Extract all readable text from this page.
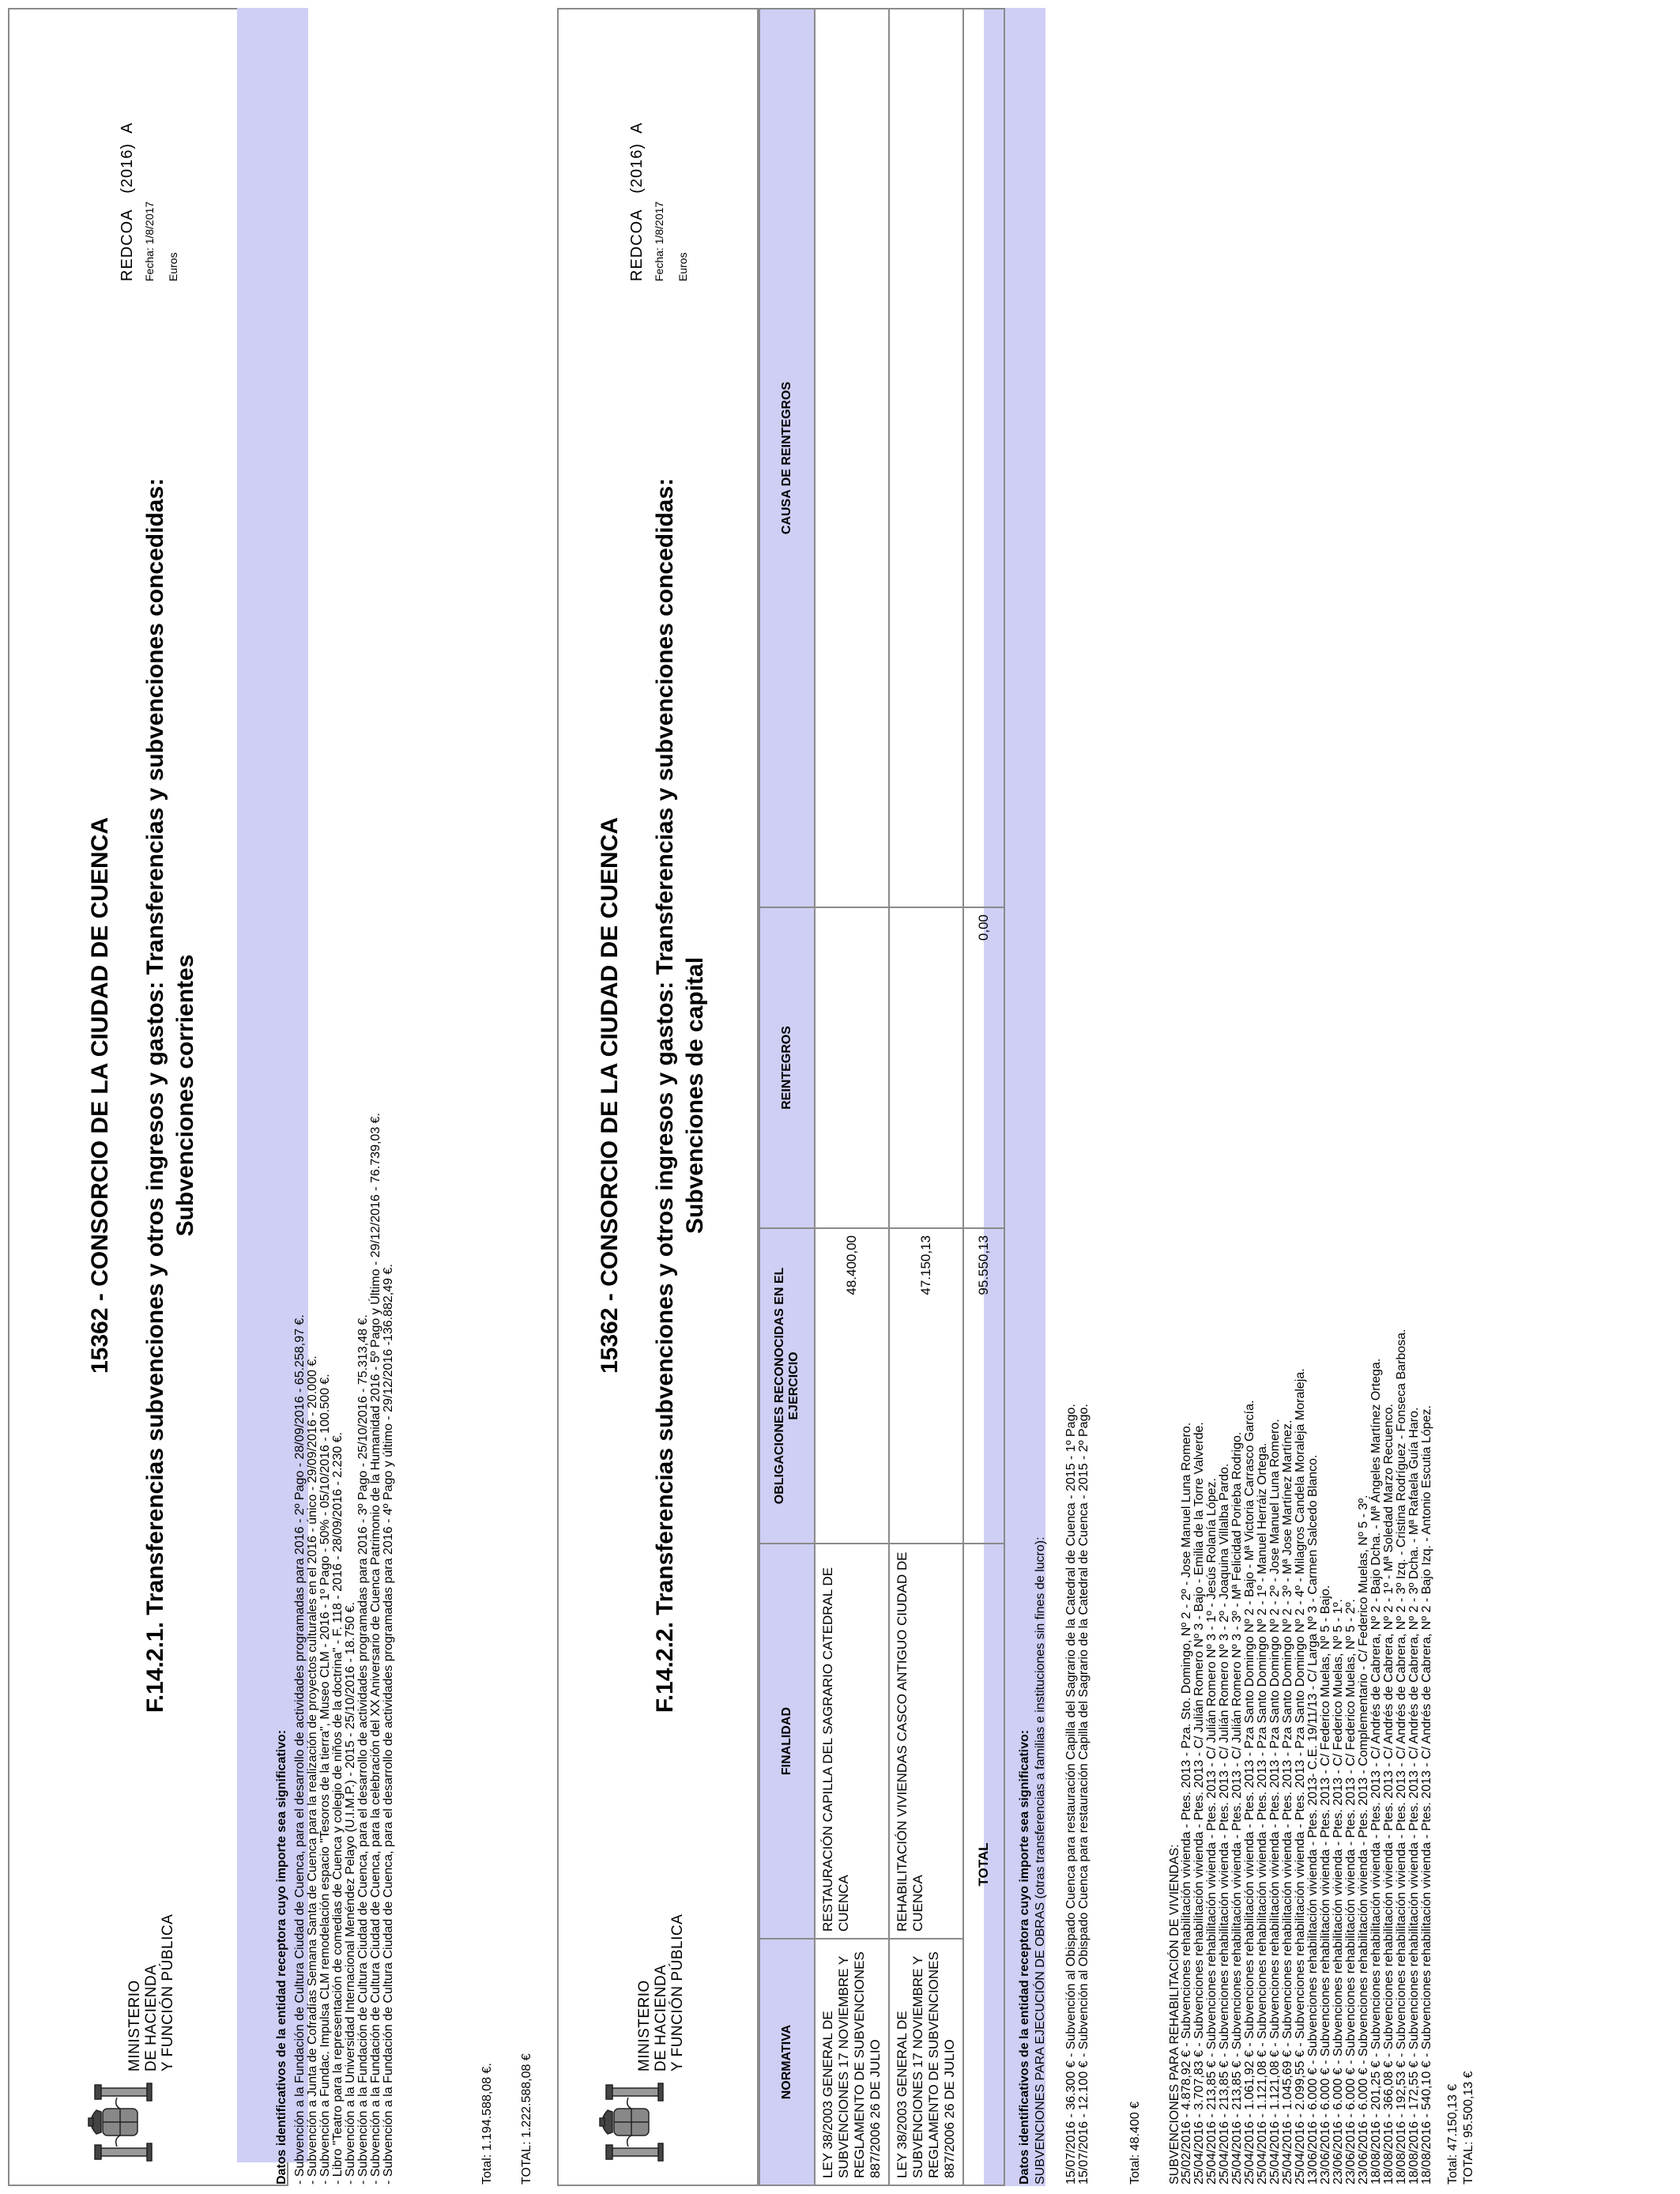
MINISTERIO DE HACIENDA Y FUNCIÓN PÚBLICA
15362 - CONSORCIO DE LA CIUDAD DE CUENCA F.14.2.1. Transferencias subvenciones y otros ingresos y gastos: Transferencias y subvenciones concedidas: Subvenciones corrientes
REDCOA   (2016)  A
Fecha: 1/8/2017 Euros
Datos identificativos de la entidad receptora cuyo importe sea significativo: - Subvención a la Fundación de Cultura Ciudad de Cuenca, para el desarrollo de actividades programadas para 2016 - 2º Pago - 28/09/2016 - 65.258,97 €. - Subvención a Junta de Cofradías Semana Santa de Cuenca para la realización de proyectos culturales en el 2016 - único - 29/09/2016 - 20.000 €. - Subvención a Fundac. Impulsa CLM remodelación espacio "Tesoros de la tierra", Museo CLM - 2016 - 1º Pago - 50% - 05/10/2016 - 100.500 €. - Libro "Teatro para la representación de comedias de Cuenca y colegio de niños de la doctrina" - F. 118 - 2016 - 28/09/2016 - 2.230 €. - Subvención a la Universidad Internacional Menéndez Pelayo (U.I.M.P.) - 2015 - 25/10/2016 - 18.750 €. - Subvención a la Fundación de Cultura Ciudad de Cuenca, para el desarrollo de actividades programadas para 2016 - 3º Pago - 25/10/2016 - 75.313,48 €. - Subvención a la Fundación de Cultura Ciudad de Cuenca, para la celebración del XX Aniversario de Cuenca Patrimonio de la Humanidad 2016 - 5º Pago y Último - 29/12/2016 - 76.739,03 €. - Subvención a la Fundación de Cultura Ciudad de Cuenca, para el desarrollo de actividades programadas para 2016 - 4º Pago y último - 29/12/2016 -136.882,49 €.	Total: 1.194.588,08 €. TOTAL: 1.222.588,08 €
MINISTERIO DE HACIENDA Y FUNCIÓN PÚBLICA
15362 - CONSORCIO DE LA CIUDAD DE CUENCA F.14.2.2. Transferencias subvenciones y otros ingresos y gastos: Transferencias y subvenciones concedidas: Subvenciones de capital
REDCOA   (2016)  A
Fecha: 1/8/2017 Euros
NORMATIVA	FINALIDAD	OBLIGACIONES RECONOCIDAS EN EL EJERCICIO	REINTEGROS	CAUSA DE REINTEGROS
LEY 38/2003 GENERAL DE SUBVENCIONES 17 NOVIEMBRE Y REGLAMENTO DE SUBVENCIONES 887/2006 26 DE JULIO	RESTAURACIÓN CAPILLA DEL SAGRARIO CATEDRAL DE CUENCA	48.400,00		
LEY 38/2003 GENERAL DE SUBVENCIONES 17 NOVIEMBRE Y REGLAMENTO DE SUBVENCIONES 887/2006 26 DE JULIO	REHABILITACIÓN VIVIENDAS CASCO ANTIGUO CIUDAD DE CUENCA	47.150,13		
TOTAL		95.550,13	0,00	
Datos identificativos de la entidad receptora cuyo importe sea significativo: SUBVENCIONES PARA EJECUCIÓN DE OBRAS (otras transferencias a familias e instituciones sin fines de lucro): 15/07/2016 - 36.300 € - Subvención al Obispado Cuenca para restauración Capilla del Sagrario de la Catedral de Cuenca - 2015 - 1º Pago. 15/07/2016 - 12.100 € - Subvención al Obispado Cuenca para restauración Capilla del Sagrario de la Catedral de Cuenca - 2015 - 2º Pago.	Total: 48.400 € SUBVENCIONES PARA REHABILITACIÓN DE VIVIENDAS:
25/02/2016 - 4.878,92 € - Subvenciones rehabilitación vivienda - Ptes. 2013 - Pza. Sto. Domingo, Nº 2 - 2º - Jose Manuel Luna Romero. 25/04/2016 - 3.707,83 € - Subvenciones rehabilitación vivienda - Ptes. 2013 - C/ Julián Romero Nº 3 - Bajo - Emilia de la Torre Valverde. 25/04/2016 - 213,85 € - Subvenciones rehabilitación vivienda - Ptes. 2013 - C/ Julián Romero Nº 3 - 1º - Jesús Rolanía López. 25/04/2016 - 213,85 € - Subvenciones rehabilitación vivienda - Ptes. 2013 - C/ Julián Romero Nº 3 - 2º - Joaquina Villalba Pardo. 25/04/2016 - 213,85 € - Subvenciones rehabilitación vivienda - Ptes. 2013 - C/ Julián Romero Nº 3 - 3º - Mª Felicidad Porieba Rodrigo. 25/04/2016 - 1.061,92 € - Subvenciones rehabilitación vivienda - Ptes. 2013 - Pza Santo Domingo Nº 2 - Bajo - Mª Victoria Carrasco García. 25/04/2016 - 1.121,08 € - Subvenciones rehabilitación vivienda - Ptes. 2013 - Pza Santo Domingo Nº 2 - 1º - Manuel Herráiz Ortega. 25/04/2016 - 1.121,08 € - Subvenciones rehabilitación vivienda - Ptes. 2013 - Pza Santo Domingo Nº 2 - 2º - Jose Manuel Luna Romero. 25/04/2016 - 1.045,69 € - Subvenciones rehabilitación vivienda - Ptes. 2013 - Pza Santo Domingo Nº 2 - 3º - Mª Jose Martínez Martínez. 25/04/2016 - 2.099,55 € - Subvenciones rehabilitación vivienda - Ptes. 2013 - Pza Santo Domingo Nº 2 - 4º - Milagros Candela Moraleja Moraleja. 13/06/2016 - 6.000 € - Subvenciones rehabilitación vivienda - Ptes. 2013- C.E. 19/11/13 - C/ Larga Nº 3 - Carmen Salcedo Blanco. 23/06/2016 - 6.000 € - Subvenciones rehabilitación vivienda - Ptes. 2013 - C/ Federico Muelas, Nº 5 - Bajo. 23/06/2016 - 6.000 € - Subvenciones rehabilitación vivienda - Ptes. 2013 - C/ Federico Muelas, Nº 5 - 1º. 23/06/2016 - 6.000 € - Subvenciones rehabilitación vivienda - Ptes. 2013 - C/ Federico Muelas, Nº 5 - 2º. 23/06/2016 - 6.000 € - Subvenciones rehabilitación vivienda - Ptes. 2013 - Complementario - C/ Federico Muelas, Nº 5 - 3º. 18/08/2016 - 201,25 € - Subvenciones rehabilitación vivienda - Ptes. 2013 - C/ Andrés de Cabrera, Nº 2 - Bajo Dcha. - Mª Ángeles Martínez Ortega. 18/08/2016 - 366,08 € - Subvenciones rehabilitación vivienda - Ptes. 2013 - C/ Andrés de Cabrera, Nº 2 - 1º - Mª Soledad Marzo Recuenco. 18/08/2016 - 192,53 € - Subvenciones rehabilitación vivienda - Ptes. 2013 - C/ Andrés de Cabrera, Nº 2 - 3º Izq. - Cristina Rodríguez - Fonseca Barbosa. 18/08/2016 - 172,55 € - Subvenciones rehabilitación vivienda - Ptes. 2013 - C/ Andrés de Cabrera, Nº 2 - 3º Dcha. - Mª Rafaela Guía Haro. 18/08/2016 - 540,10 € - Subvenciones rehabilitación vivienda - Ptes. 2013 - C/ Andrés de Cabrera, Nº 2 - Bajo Izq. - Antonio Escutia López. Total: 47.150,13 € TOTAL: 95.500,13 €
